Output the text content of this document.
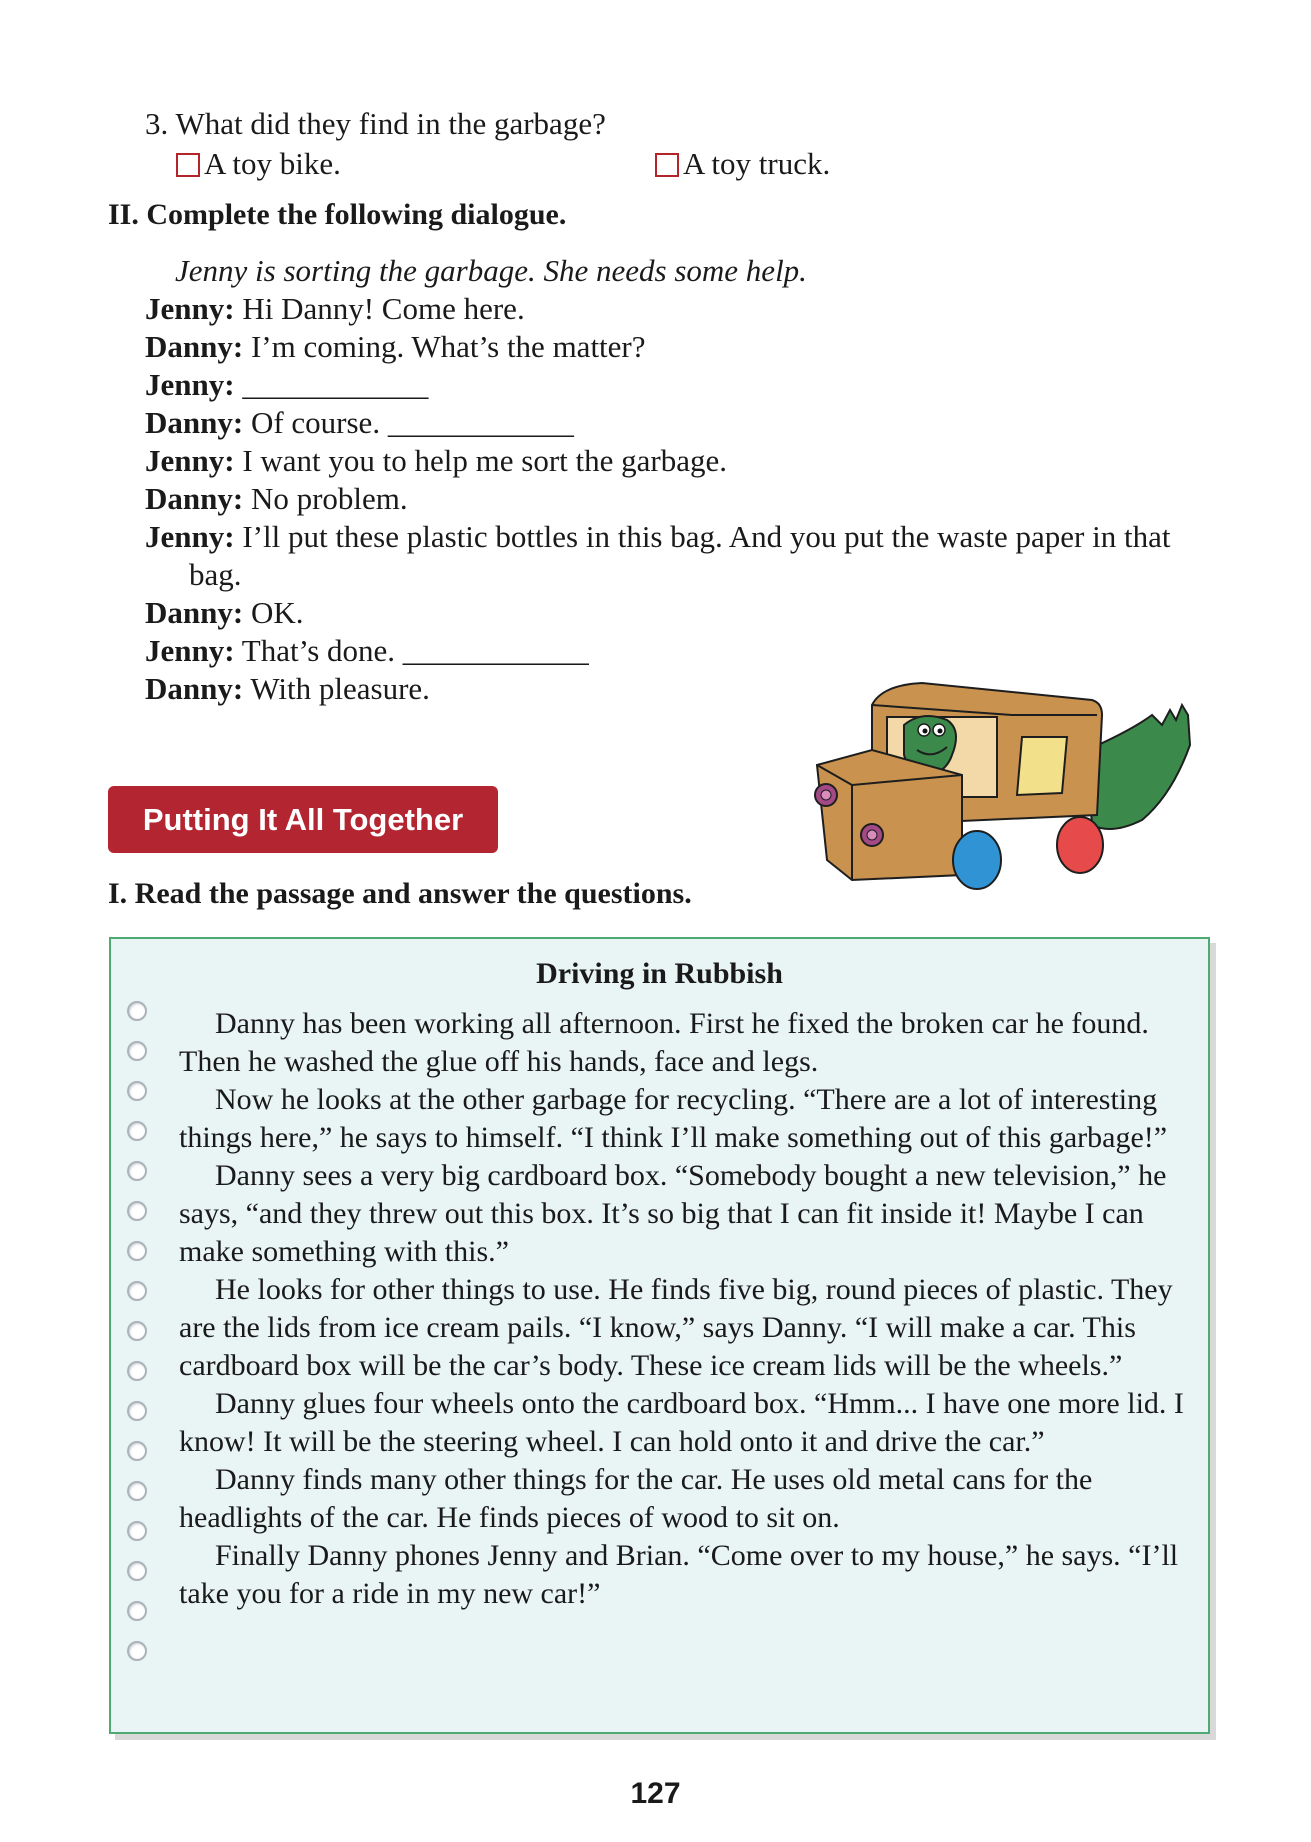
3. What did they find in the garbage?
A toy bike.	A toy truck.
II. Complete the following dialogue.
Jenny is sorting the garbage. She needs some help.
Jenny: Hi Danny! Come here.
Danny: I’m coming. What’s the matter?
Jenny: ____________
Danny: Of course. ____________
Jenny: I want you to help me sort the garbage.
Danny: No problem.
Jenny: I’ll put these plastic bottles in this bag. And you put the waste paper in that bag.
Danny: OK.
Jenny: That’s done. ____________
Danny: With pleasure.
Putting It All Together
I. Read the passage and answer the questions.
Driving in Rubbish

Danny has been working all afternoon. First he fixed the broken car he found. Then he washed the glue off his hands, face and legs.

Now he looks at the other garbage for recycling. “There are a lot of interesting things here,” he says to himself. “I think I’ll make something out of this garbage!”

Danny sees a very big cardboard box. “Somebody bought a new television,” he says, “and they threw out this box. It’s so big that I can fit inside it! Maybe I can make something with this.”

He looks for other things to use. He finds five big, round pieces of plastic. They are the lids from ice cream pails. “I know,” says Danny. “I will make a car. This cardboard box will be the car’s body. These ice cream lids will be the wheels.”

Danny glues four wheels onto the cardboard box. “Hmm... I have one more lid. I know! It will be the steering wheel. I can hold onto it and drive the car.”

Danny finds many other things for the car. He uses old metal cans for the headlights of the car. He finds pieces of wood to sit on.

Finally Danny phones Jenny and Brian. “Come over to my house,” he says. “I’ll take you for a ride in my new car!”

127
